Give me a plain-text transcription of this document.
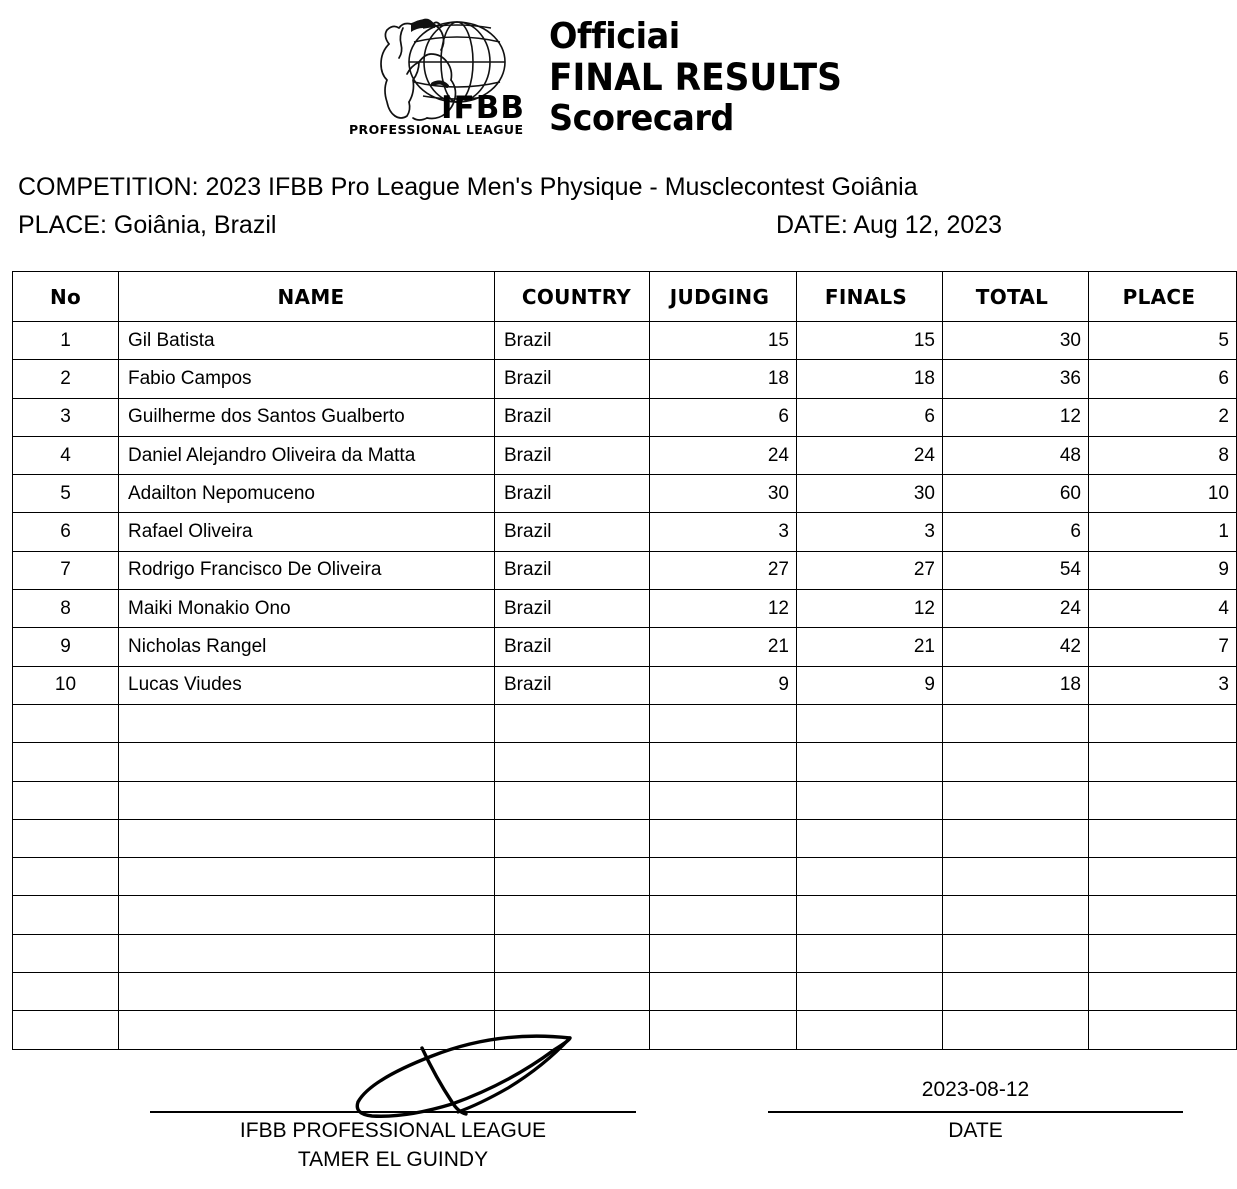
IFBB
PROFESSIONAL LEAGUE
Officiai
FINAL RESULTS
Scorecard
COMPETITION: 2023 IFBB Pro League Men's Physique - Musclecontest Goiânia
PLACE: Goiânia, Brazil	DATE: Aug 12, 2023
No	NAME	COUNTRY	JUDGING	FINALS	TOTAL	PLACE
1	Gil Batista	Brazil	15	15	30	5
2	Fabio Campos	Brazil	18	18	36	6
3	Guilherme dos Santos Gualberto	Brazil	6	6	12	2
4	Daniel Alejandro Oliveira da Matta	Brazil	24	24	48	8
5	Adailton Nepomuceno	Brazil	30	30	60	10
6	Rafael Oliveira	Brazil	3	3	6	1
7	Rodrigo Francisco De Oliveira	Brazil	27	27	54	9
8	Maiki Monakio Ono	Brazil	12	12	24	4
9	Nicholas Rangel	Brazil	21	21	42	7
10	Lucas Viudes	Brazil	9	9	18	3

IFBB PROFESSIONAL LEAGUE
TAMER EL GUINDY
2023-08-12
DATE
